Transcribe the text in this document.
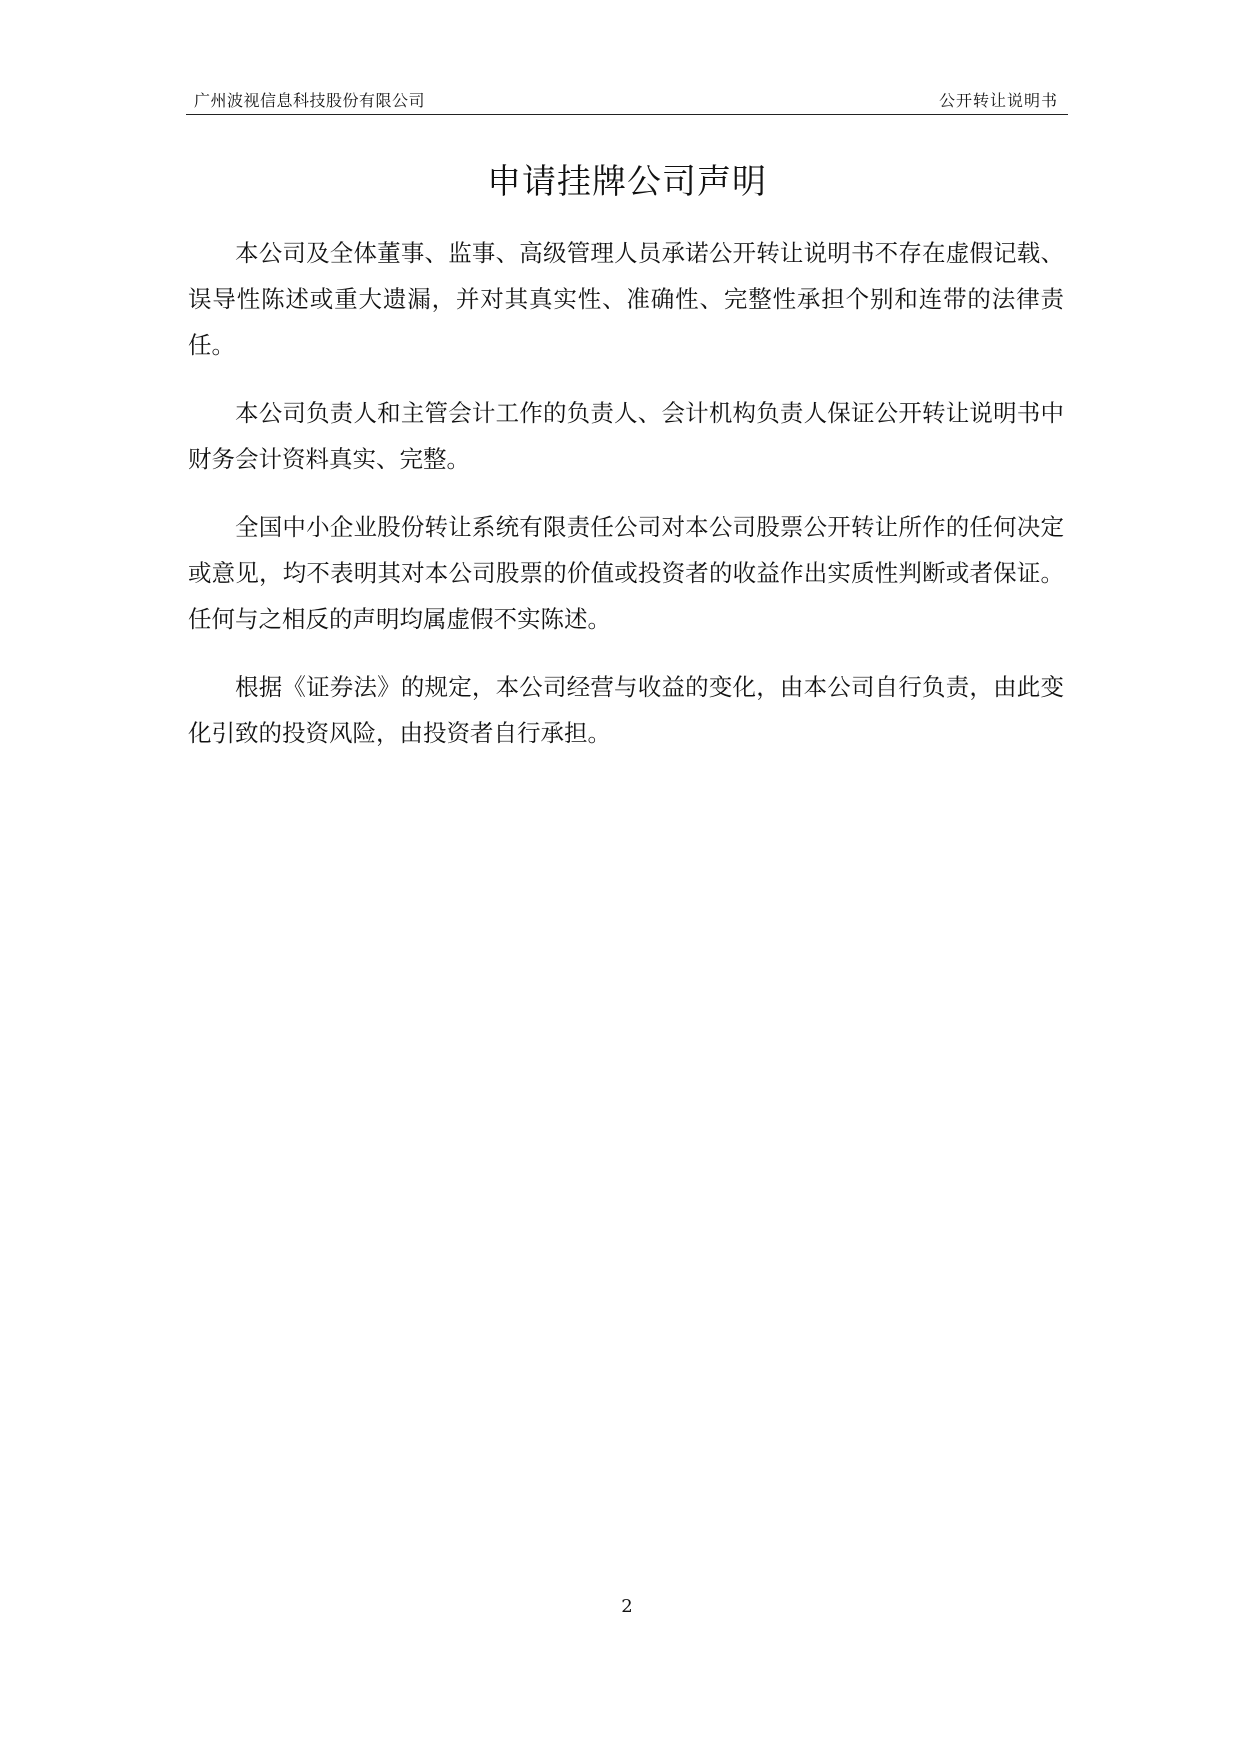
广州波视信息科技股份有限公司	公开转让说明书
申请挂牌公司声明

本公司及全体董事、监事、高级管理人员承诺公开转让说明书不存在虚假记载、误导性陈述或重大遗漏，并对其真实性、准确性、完整性承担个别和连带的法律责任。

本公司负责人和主管会计工作的负责人、会计机构负责人保证公开转让说明书中财务会计资料真实、完整。

全国中小企业股份转让系统有限责任公司对本公司股票公开转让所作的任何决定或意见，均不表明其对本公司股票的价值或投资者的收益作出实质性判断或者保证。任何与之相反的声明均属虚假不实陈述。

根据《证券法》的规定，本公司经营与收益的变化，由本公司自行负责，由此变化引致的投资风险，由投资者自行承担。

2
